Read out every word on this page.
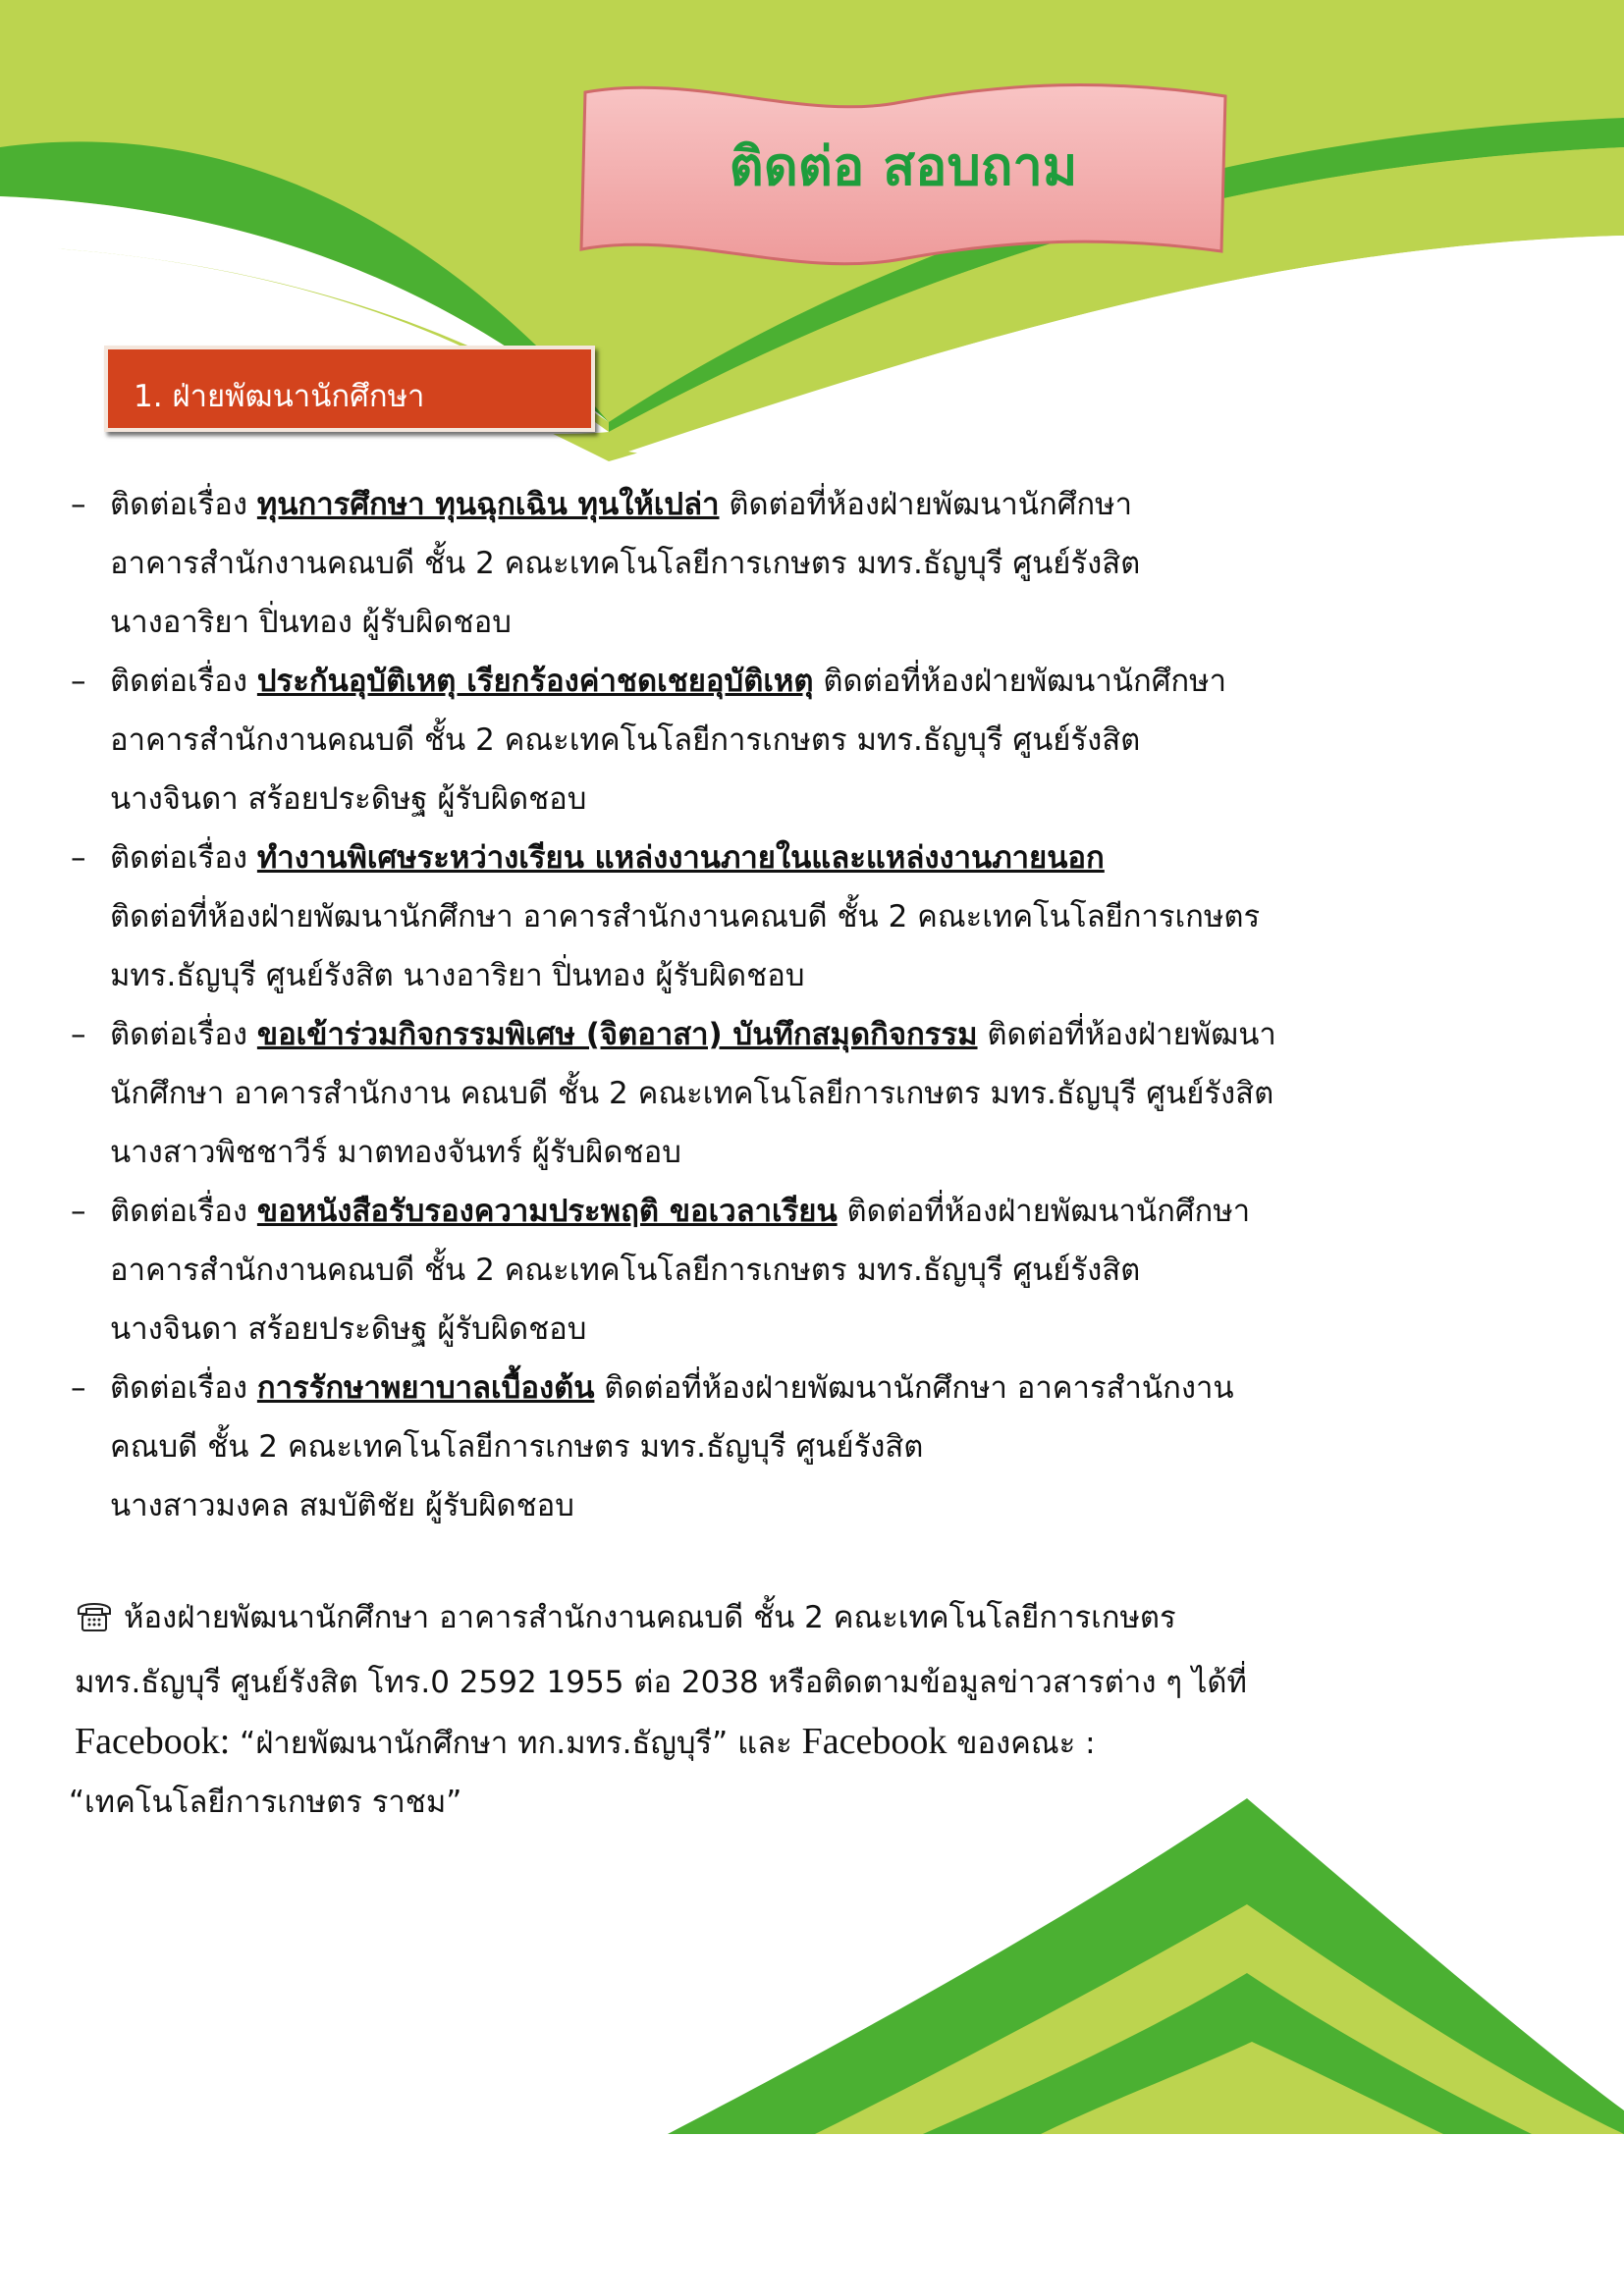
ติดต่อ สอบถาม
1. ฝ่ายพัฒนานักศึกษา
– ติดต่อเรื่อง ทุนการศึกษา ทุนฉุกเฉิน ทุนให้เปล่า ติดต่อที่ห้องฝ่ายพัฒนานักศึกษา
อาคารสำนักงานคณบดี ชั้น 2 คณะเทคโนโลยีการเกษตร มทร.ธัญบุรี ศูนย์รังสิต
นางอาริยา ปิ่นทอง ผู้รับผิดชอบ
– ติดต่อเรื่อง ประกันอุบัติเหตุ เรียกร้องค่าชดเชยอุบัติเหตุ ติดต่อที่ห้องฝ่ายพัฒนานักศึกษา
อาคารสำนักงานคณบดี ชั้น 2 คณะเทคโนโลยีการเกษตร มทร.ธัญบุรี ศูนย์รังสิต
นางจินดา สร้อยประดิษฐ ผู้รับผิดชอบ
– ติดต่อเรื่อง ทำงานพิเศษระหว่างเรียน แหล่งงานภายในและแหล่งงานภายนอก
ติดต่อที่ห้องฝ่ายพัฒนานักศึกษา อาคารสำนักงานคณบดี ชั้น 2 คณะเทคโนโลยีการเกษตร
มทร.ธัญบุรี ศูนย์รังสิต นางอาริยา ปิ่นทอง ผู้รับผิดชอบ
– ติดต่อเรื่อง ขอเข้าร่วมกิจกรรมพิเศษ (จิตอาสา) บันทึกสมุดกิจกรรม ติดต่อที่ห้องฝ่ายพัฒนา
นักศึกษา อาคารสำนักงาน คณบดี ชั้น 2 คณะเทคโนโลยีการเกษตร มทร.ธัญบุรี ศูนย์รังสิต
นางสาวพิชชาวีร์ มาตทองจันทร์ ผู้รับผิดชอบ
– ติดต่อเรื่อง ขอหนังสือรับรองความประพฤติ ขอเวลาเรียน ติดต่อที่ห้องฝ่ายพัฒนานักศึกษา
อาคารสำนักงานคณบดี ชั้น 2 คณะเทคโนโลยีการเกษตร มทร.ธัญบุรี ศูนย์รังสิต
นางจินดา สร้อยประดิษฐ ผู้รับผิดชอบ
– ติดต่อเรื่อง การรักษาพยาบาลเบื้องต้น ติดต่อที่ห้องฝ่ายพัฒนานักศึกษา อาคารสำนักงาน
คณบดี ชั้น 2 คณะเทคโนโลยีการเกษตร มทร.ธัญบุรี ศูนย์รังสิต
นางสาวมงคล สมบัติชัย ผู้รับผิดชอบ
ห้องฝ่ายพัฒนานักศึกษา อาคารสำนักงานคณบดี ชั้น 2 คณะเทคโนโลยีการเกษตร
มทร.ธัญบุรี ศูนย์รังสิต โทร.0 2592 1955 ต่อ 2038 หรือติดตามข้อมูลข่าวสารต่าง ๆ ได้ที่
Facebook: “ฝ่ายพัฒนานักศึกษา ทก.มทร.ธัญบุรี” และ Facebook ของคณะ :
“เทคโนโลยีการเกษตร ราชม”
